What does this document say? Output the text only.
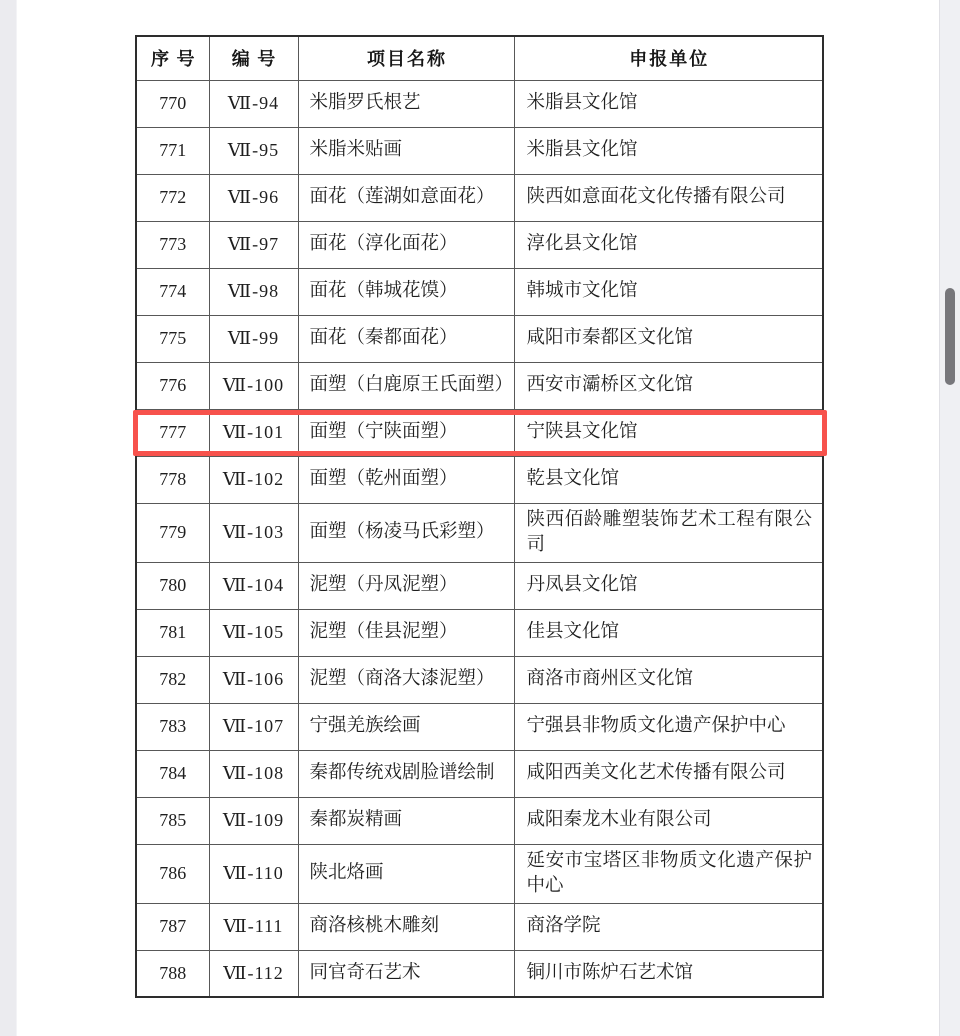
序号	编号	项目名称	申报单位
770	Ⅶ-94	米脂罗氏根艺	米脂县文化馆
771	Ⅶ-95	米脂米贴画	米脂县文化馆
772	Ⅶ-96	面花（莲湖如意面花）	陕西如意面花文化传播有限公司
773	Ⅶ-97	面花（淳化面花）	淳化县文化馆
774	Ⅶ-98	面花（韩城花馍）	韩城市文化馆
775	Ⅶ-99	面花（秦都面花）	咸阳市秦都区文化馆
776	Ⅶ-100	面塑（白鹿原王氏面塑）	西安市灞桥区文化馆
777	Ⅶ-101	面塑（宁陕面塑）	宁陕县文化馆
778	Ⅶ-102	面塑（乾州面塑）	乾县文化馆
779	Ⅶ-103	面塑（杨凌马氏彩塑）	陕西佰龄雕塑装饰艺术工程有限公司
780	Ⅶ-104	泥塑（丹凤泥塑）	丹凤县文化馆
781	Ⅶ-105	泥塑（佳县泥塑）	佳县文化馆
782	Ⅶ-106	泥塑（商洛大漆泥塑）	商洛市商州区文化馆
783	Ⅶ-107	宁强羌族绘画	宁强县非物质文化遗产保护中心
784	Ⅶ-108	秦都传统戏剧脸谱绘制	咸阳西美文化艺术传播有限公司
785	Ⅶ-109	秦都炭精画	咸阳秦龙木业有限公司
786	Ⅶ-110	陕北烙画	延安市宝塔区非物质文化遗产保护中心
787	Ⅶ-111	商洛核桃木雕刻	商洛学院
788	Ⅶ-112	同官奇石艺术	铜川市陈炉石艺术馆
